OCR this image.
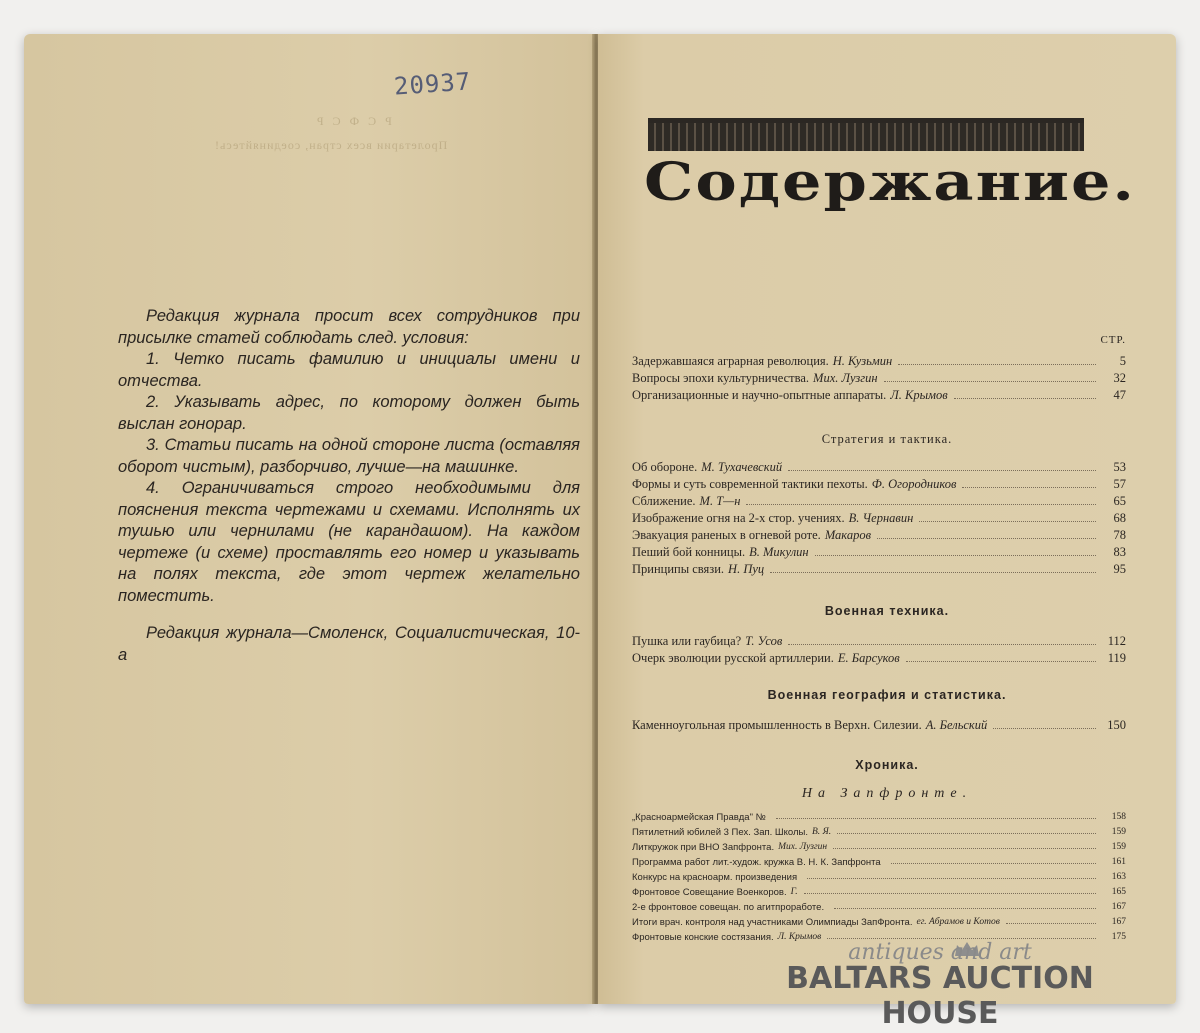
20937
Р С Ф С Р
Пролетарии всех стран, соединяйтесь!

Редакция журнала просит всех сотрудников при присылке статей соблюдать след. условия:

1. Четко писать фамилию и инициалы имени и отчества.

2. Указывать адрес, по которому должен быть выслан гонорар.

3. Статьи писать на одной стороне листа (оставляя оборот чистым), разборчиво, лучше—на машинке.

4. Ограничиваться строго необходимыми для пояснения текста чертежами и схемами. Исполнять их тушью или чернилами (не карандашом). На каждом чертеже (и схеме) проставлять его номер и указывать на полях текста, где этот чертеж желательно поместить.

Редакция журнала—Смоленск, Социалистическая, 10-а

Содержание.
СТР.
Задержавшаяся аграрная революция. Н. Кузьмин	5
Вопросы эпохи культурничества. Мих. Лузгин	32
Организационные и научно-опытные аппараты. Л. Крымов	47
Стратегия и тактика.
Об обороне. М. Тухачевский	53
Формы и суть современной тактики пехоты. Ф. Огородников	57
Сближение. М. Т—н	65
Изображение огня на 2-х стор. учениях. В. Чернавин	68
Эвакуация раненых в огневой роте. Макаров	78
Пеший бой конницы. В. Микулин	83
Принципы связи. Н. Пуц	95
Военная техника.
Пушка или гаубица? Т. Усов	112
Очерк эволюции русской артиллерии. Е. Барсуков	119
Военная география и статистика.
Каменноугольная промышленность в Верхн. Силезии. А. Бельский	150
Хроника.
На Запфронте.
„Красноармейская Правда" №	158
Пятилетний юбилей 3 Пех. Зап. Школы. В. Я.	159
Литкружок при ВНО Запфронта. Мих. Лузгин	159
Программа работ лит.-худож. кружка В. Н. К. Запфронта	161
Конкурс на красноарм. произведения	163
Фронтовое Совещание Военкоров. Г.	165
2-е фронтовое совещан. по агитпроработе.	167
Итоги врач. контроля над участниками Олимпиады ЗапФронта. ег. Абрамов и Котов	167
Фронтовые конские состязания. Л. Крымов	175
antiques and art
BALTARS AUCTION HOUSE
